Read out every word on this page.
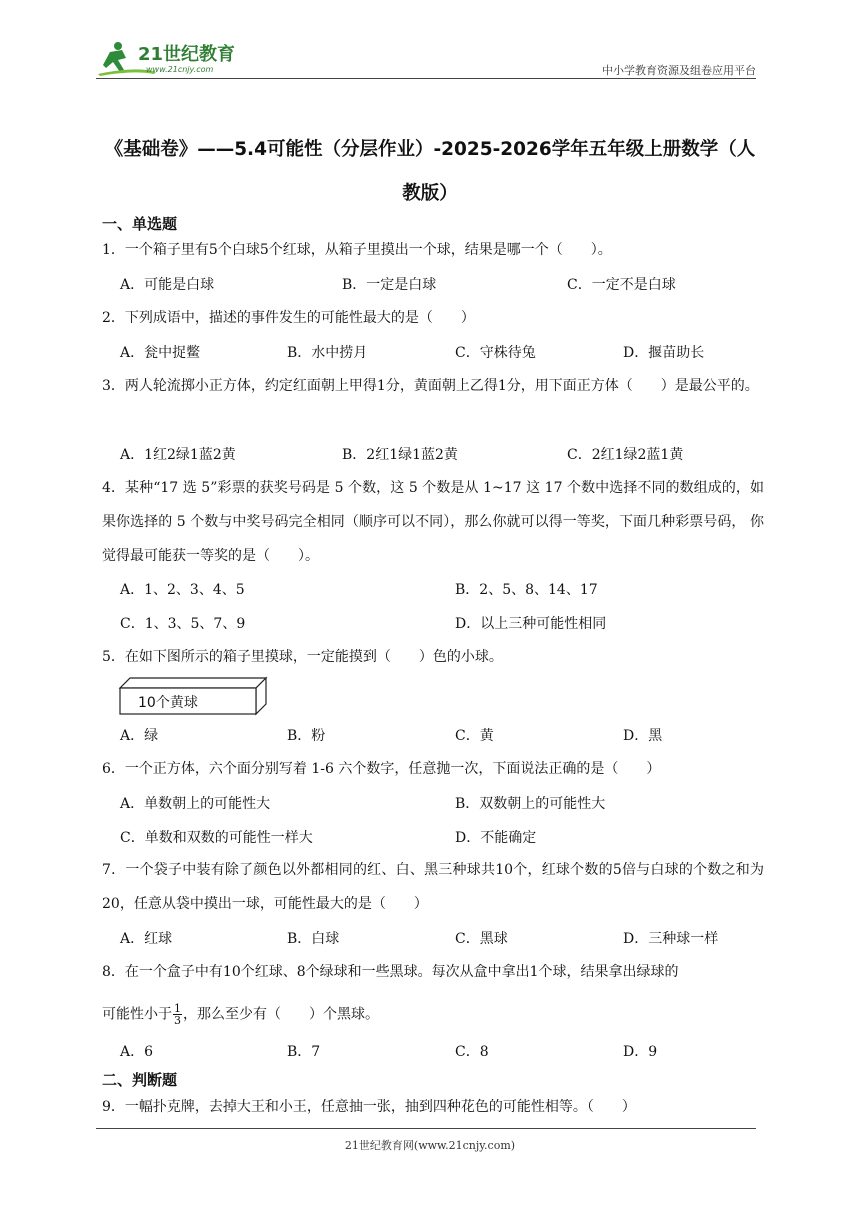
21世纪教育
www.21cnjy.com	中小学教育资源及组卷应用平台
《基础卷》——5.4可能性（分层作业）-2025-2026学年五年级上册数学（人教版）
一、单选题
1．一个箱子里有5个白球5个红球，从箱子里摸出一个球，结果是哪一个（　　）。
A．可能是白球	B．一定是白球	C．一定不是白球
2．下列成语中，描述的事件发生的可能性最大的是（　　）
A．瓮中捉鳖	B．水中捞月	C．守株待兔	D．揠苗助长
3．两人轮流掷小正方体，约定红面朝上甲得1分，黄面朝上乙得1分，用下面正方体（　　）是最公平的。
A．1红2绿1蓝2黄	B．2红1绿1蓝2黄	C．2红1绿2蓝1黄
4．某种“17 选 5”彩票的获奖号码是 5 个数，这 5 个数是从 1~17 这 17 个数中选择不同的数组成的，如果你选择的 5 个数与中奖号码完全相同（顺序可以不同），那么你就可以得一等奖，下面几种彩票号码， 你觉得最可能获一等奖的是（　　）。
A．1、2、3、4、5	B．2、5、8、14、17
C．1、3、5、7、9	D．以上三种可能性相同
5．在如下图所示的箱子里摸球，一定能摸到（　　）色的小球。
10个黄球
A．绿	B．粉	C．黄	D．黑
6．一个正方体，六个面分别写着 1-6 六个数字，任意抛一次，下面说法正确的是（　　）
A．单数朝上的可能性大	B．双数朝上的可能性大
C．单数和双数的可能性一样大	D．不能确定
7．一个袋子中装有除了颜色以外都相同的红、白、黑三种球共10个，红球个数的5倍与白球的个数之和为20，任意从袋中摸出一球，可能性最大的是（　　）
A．红球	B．白球	C．黑球	D．三种球一样
8．在一个盒子中有10个红球、8个绿球和一些黑球。每次从盒中拿出1个球，结果拿出绿球的
可能性小于 $\frac{1}{3}$ ，那么至少有（　　）个黑球。
A．6	B．7	C．8	D．9
二、判断题
9．一幅扑克牌，去掉大王和小王，任意抽一张，抽到四种花色的可能性相等。（　　）
21世纪教育网(www.21cnjy.com)
